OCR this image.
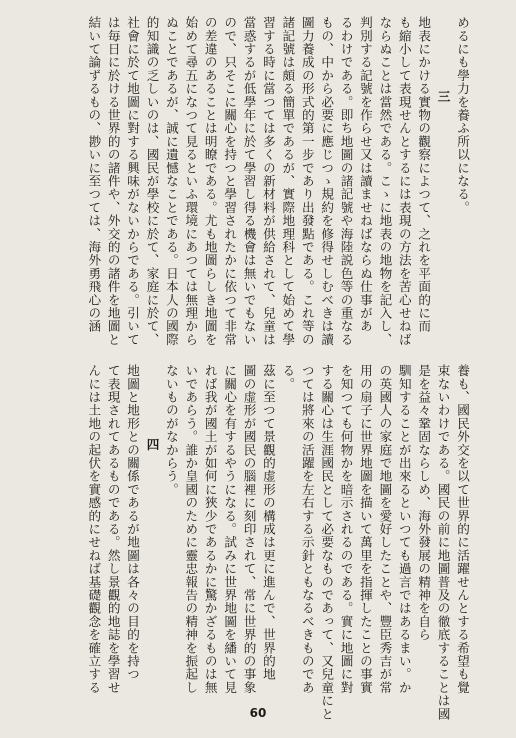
めるにも學力を養ふ所以になる。
三
地表にかける實物の觀察によつて、之れを平面的に而
も縮小して表現せんとするには表現の方法を苦心せねば
ならぬことは當然である。こゝに地表の地物を記入し、
判別する記號を作らせ又は讀ませねばならぬ仕事があ
るわけである。即ち地圖の諸記號や海陸説色等の重なる
もの、中から必要に應じつゝ規約を修得せしむべきは讀
圖力養成の形式的第一步であり出發點である。これ等の
諸記號は頗る簡單であるが、實際地理科として始めて學
習する時に當つては多くの新材料が供給されて、兒童は
當惑するが低學年に於て學習し得る機會は無いでもない
ので、只そこに關心を持つと學習されたかに依つて非常
の差違のあることは明瞭である。尤も地圖らしき地圖を
始めて尋五になつて見るといふ環境にあつては無理から
ぬことであるが、誠に遺憾なことである。日本人の國際
的知識の乏しいのは、國民が學校に於て、家庭に於て、
社會に於て地圖に對する興味がないからである。引いて
は毎日に於ける世界的の諸件や、外交的の諸件を地圖と
結いて論ずるもの、尠いに至つては、海外勇飛心の涵
養も、國民外交を以て世界的に活躍せんとする希望も覺
束ないわけである。國民の前に地圖普及の徹底することは國
是を益々鞏固ならしめ、海外發展の精神を自ら
馴知することが出來るといつても過言ではあるまい。か
の英國人の家庭で地圖を愛好したことや、豐臣秀吉が常
用の扇子に世界地圖を描いて萬里を指揮したことの事實
を知つても何物かを暗示されるのである。實に地圖に對
する關心は生涯國民として必要なものであって、又兒童にと
つては將來の活躍を左右する示針ともなるべきものであ
る。
茲に至つて景觀的虚形の構成は更に進んで、世界的地
圖の虚形が國民の腦裡に刻印されて、常に世界的の事象
に關心を有するやうになる。試みに世界地圖を繙いて見
れば我が國土が如何に狹少であるかに驚かざるものは無
いであらう。誰か皇國のために靈忠報告の精神を振起し
ないものがなからう。
四
地圖と地形との關係であるが地圖は各々の目的を持つ
て表現されてあるものである。然し景觀的地誌を學習せ
んには土地の起伏を實感的にせねば基礎觀念を確立する
60
